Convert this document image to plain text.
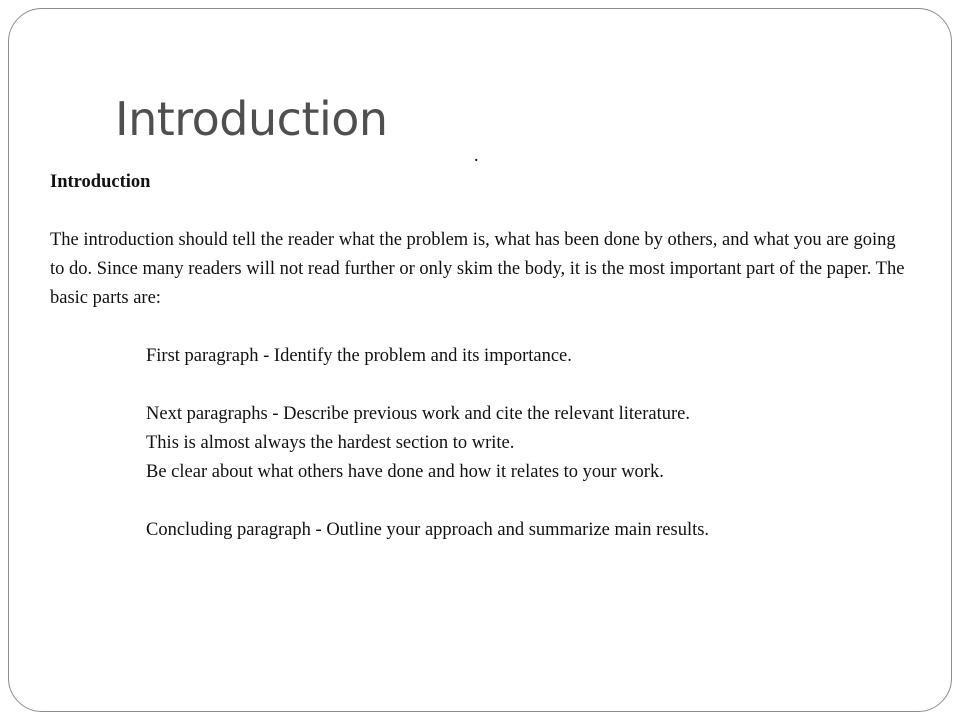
Introduction
.

Introduction

The introduction should tell the reader what the problem is, what has been done by others, and what you are going to do. Since many readers will not read further or only skim the body, it is the most important part of the paper. The basic parts are:

First paragraph - Identify the problem and its importance.

Next paragraphs - Describe previous work and cite the relevant literature.
This is almost always the hardest section to write.
Be clear about what others have done and how it relates to your work.

Concluding paragraph - Outline your approach and summarize main results.
